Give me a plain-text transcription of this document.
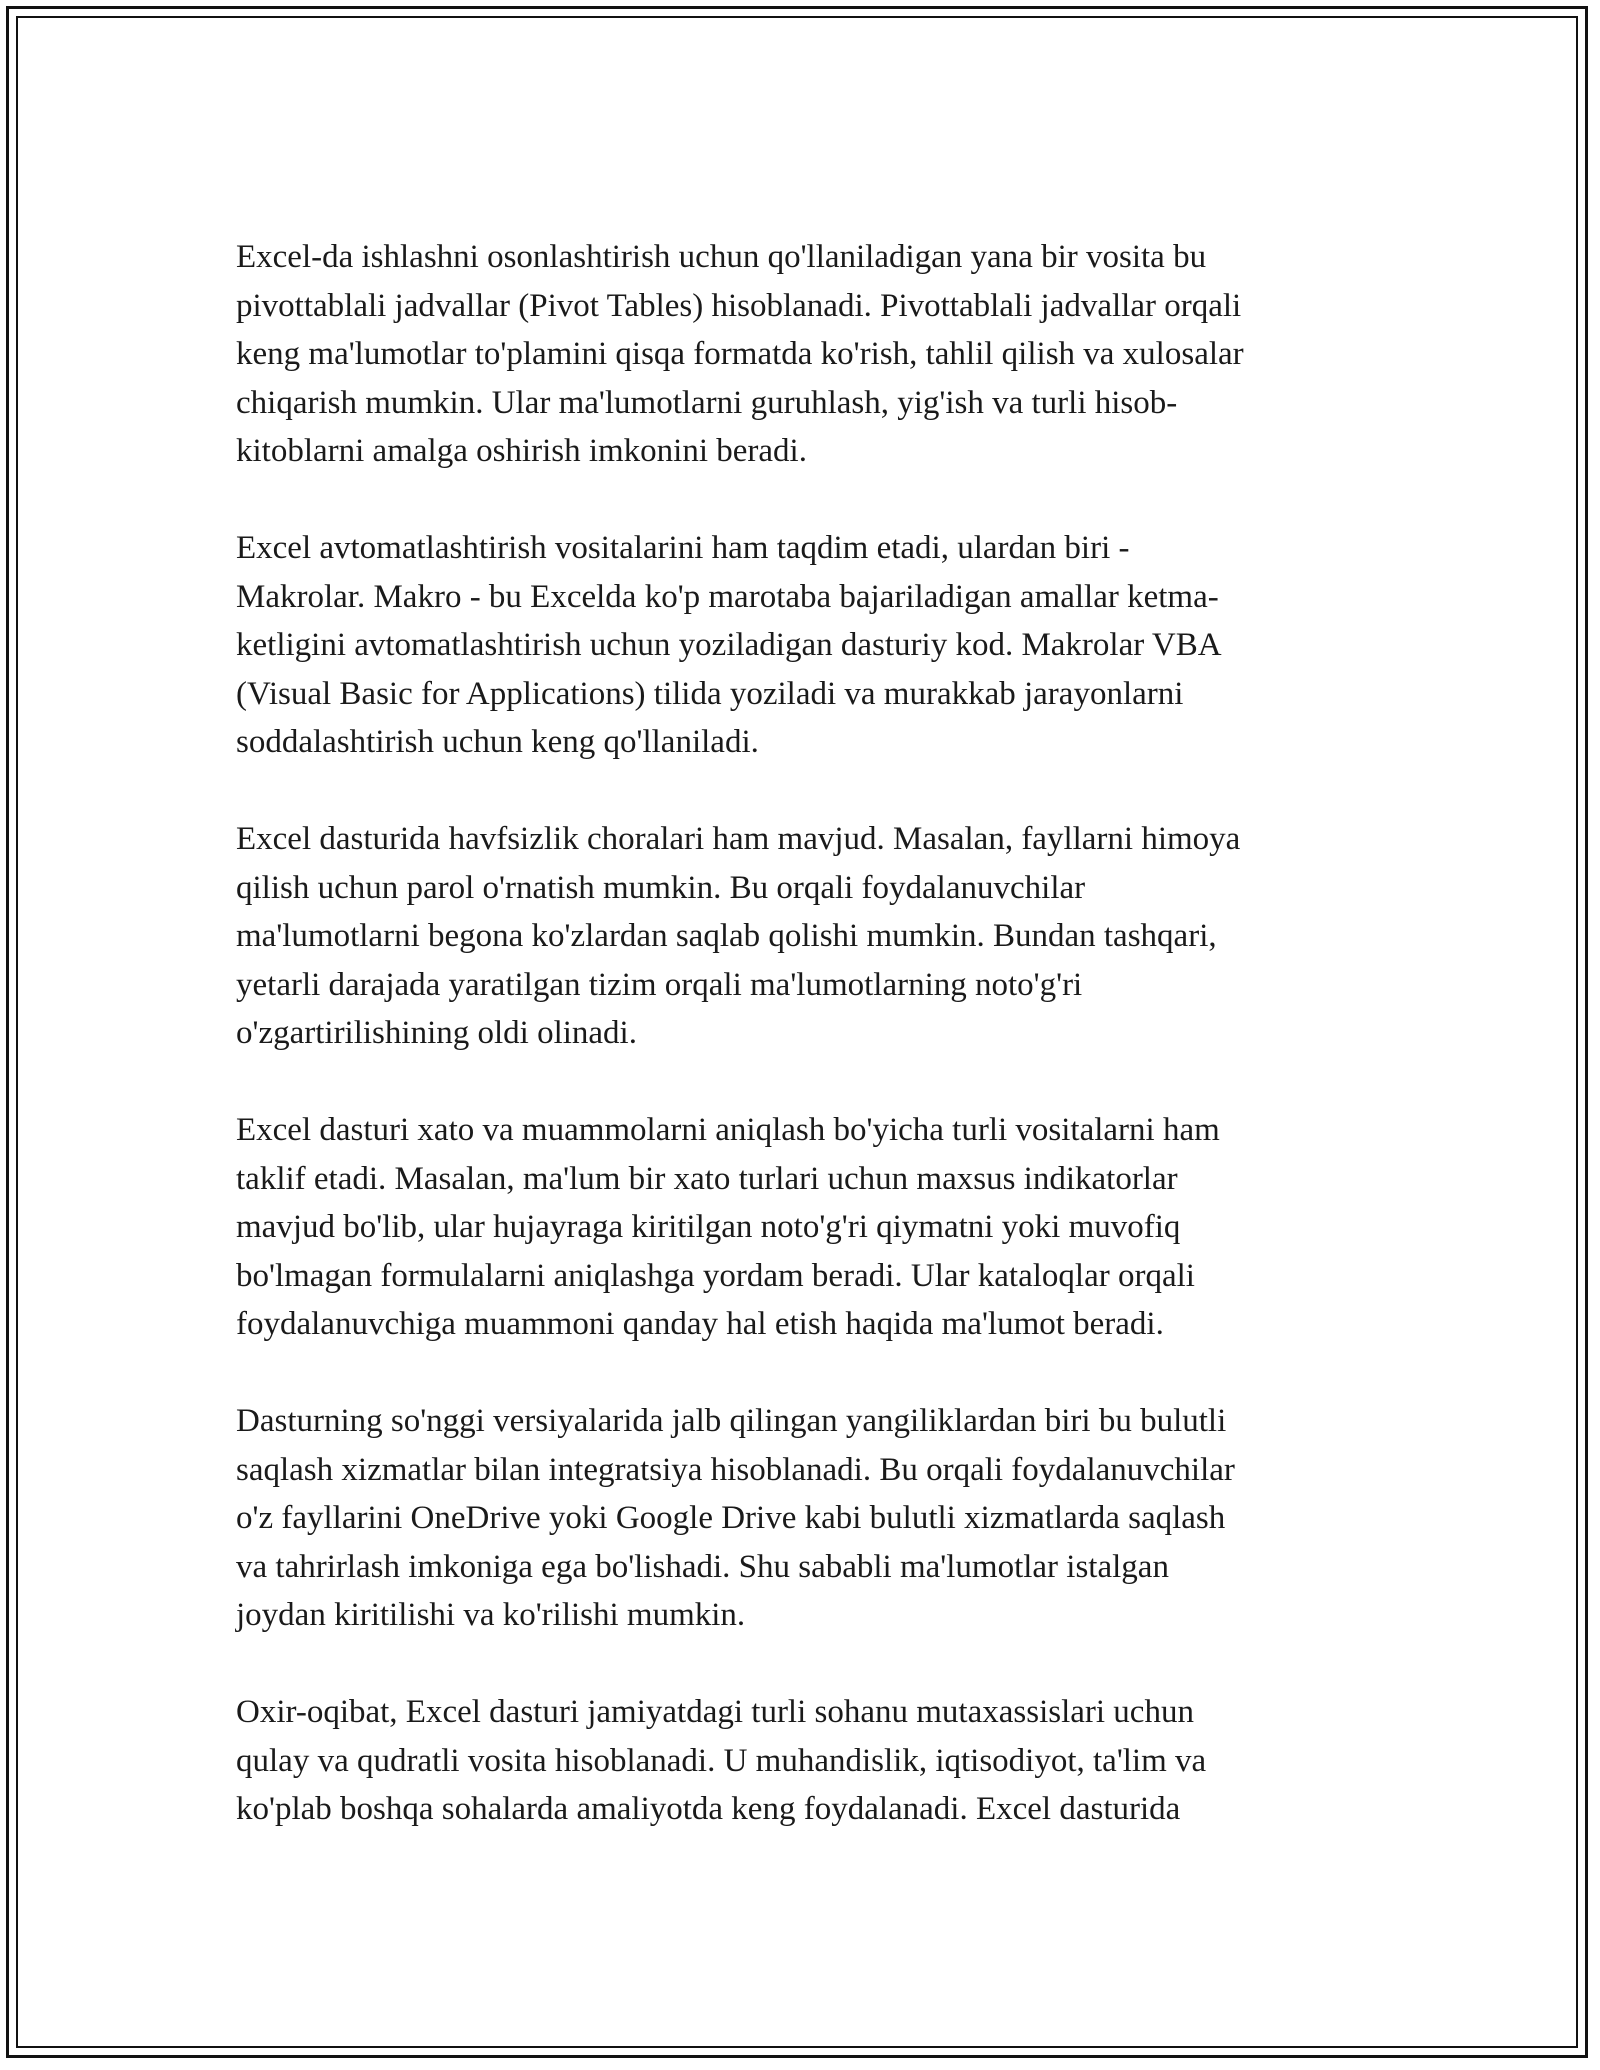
Excel-da ishlashni osonlashtirish uchun qo'llaniladigan yana bir vosita bu
pivottablali jadvallar (Pivot Tables) hisoblanadi. Pivottablali jadvallar orqali
keng ma'lumotlar to'plamini qisqa formatda ko'rish, tahlil qilish va xulosalar
chiqarish mumkin. Ular ma'lumotlarni guruhlash, yig'ish va turli hisob-
kitoblarni amalga oshirish imkonini beradi.

Excel avtomatlashtirish vositalarini ham taqdim etadi, ulardan biri -
Makrolar. Makro - bu Excelda ko'p marotaba bajariladigan amallar ketma-
ketligini avtomatlashtirish uchun yoziladigan dasturiy kod. Makrolar VBA
(Visual Basic for Applications) tilida yoziladi va murakkab jarayonlarni
soddalashtirish uchun keng qo'llaniladi.

Excel dasturida havfsizlik choralari ham mavjud. Masalan, fayllarni himoya
qilish uchun parol o'rnatish mumkin. Bu orqali foydalanuvchilar
ma'lumotlarni begona ko'zlardan saqlab qolishi mumkin. Bundan tashqari,
yetarli darajada yaratilgan tizim orqali ma'lumotlarning noto'g'ri
o'zgartirilishining oldi olinadi.

Excel dasturi xato va muammolarni aniqlash bo'yicha turli vositalarni ham
taklif etadi. Masalan, ma'lum bir xato turlari uchun maxsus indikatorlar
mavjud bo'lib, ular hujayraga kiritilgan noto'g'ri qiymatni yoki muvofiq
bo'lmagan formulalarni aniqlashga yordam beradi. Ular kataloqlar orqali
foydalanuvchiga muammoni qanday hal etish haqida ma'lumot beradi.

Dasturning so'nggi versiyalarida jalb qilingan yangiliklardan biri bu bulutli
saqlash xizmatlar bilan integratsiya hisoblanadi. Bu orqali foydalanuvchilar
o'z fayllarini OneDrive yoki Google Drive kabi bulutli xizmatlarda saqlash
va tahrirlash imkoniga ega bo'lishadi. Shu sababli ma'lumotlar istalgan
joydan kiritilishi va ko'rilishi mumkin.

Oxir-oqibat, Excel dasturi jamiyatdagi turli sohanu mutaxassislari uchun
qulay va qudratli vosita hisoblanadi. U muhandislik, iqtisodiyot, ta'lim va
ko'plab boshqa sohalarda amaliyotda keng foydalanadi. Excel dasturida
